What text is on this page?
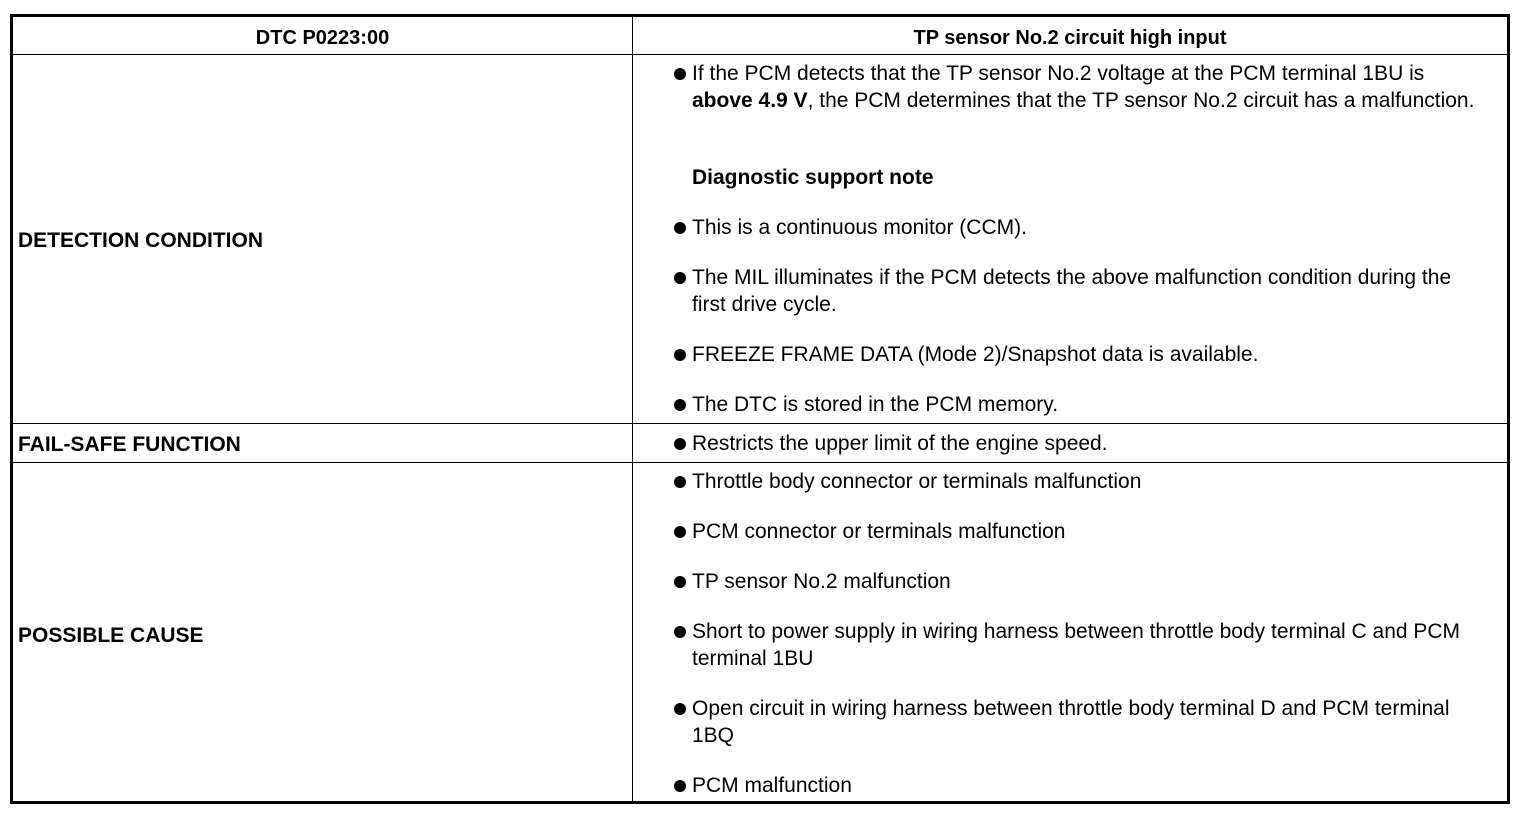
DTC P0223:00	TP sensor No.2 circuit high input
DETECTION CONDITION
FAIL-SAFE FUNCTION
POSSIBLE CAUSE
If the PCM detects that the TP sensor No.2 voltage at the PCM terminal 1BU is above 4.9 V, the PCM determines that the TP sensor No.2 circuit has a malfunction.
Diagnostic support note
This is a continuous monitor (CCM).
The MIL illuminates if the PCM detects the above malfunction condition during the first drive cycle.
FREEZE FRAME DATA (Mode 2)/Snapshot data is available.
The DTC is stored in the PCM memory.
Restricts the upper limit of the engine speed.
Throttle body connector or terminals malfunction
PCM connector or terminals malfunction
TP sensor No.2 malfunction
Short to power supply in wiring harness between throttle body terminal C and PCM terminal 1BU
Open circuit in wiring harness between throttle body terminal D and PCM terminal 1BQ
PCM malfunction
